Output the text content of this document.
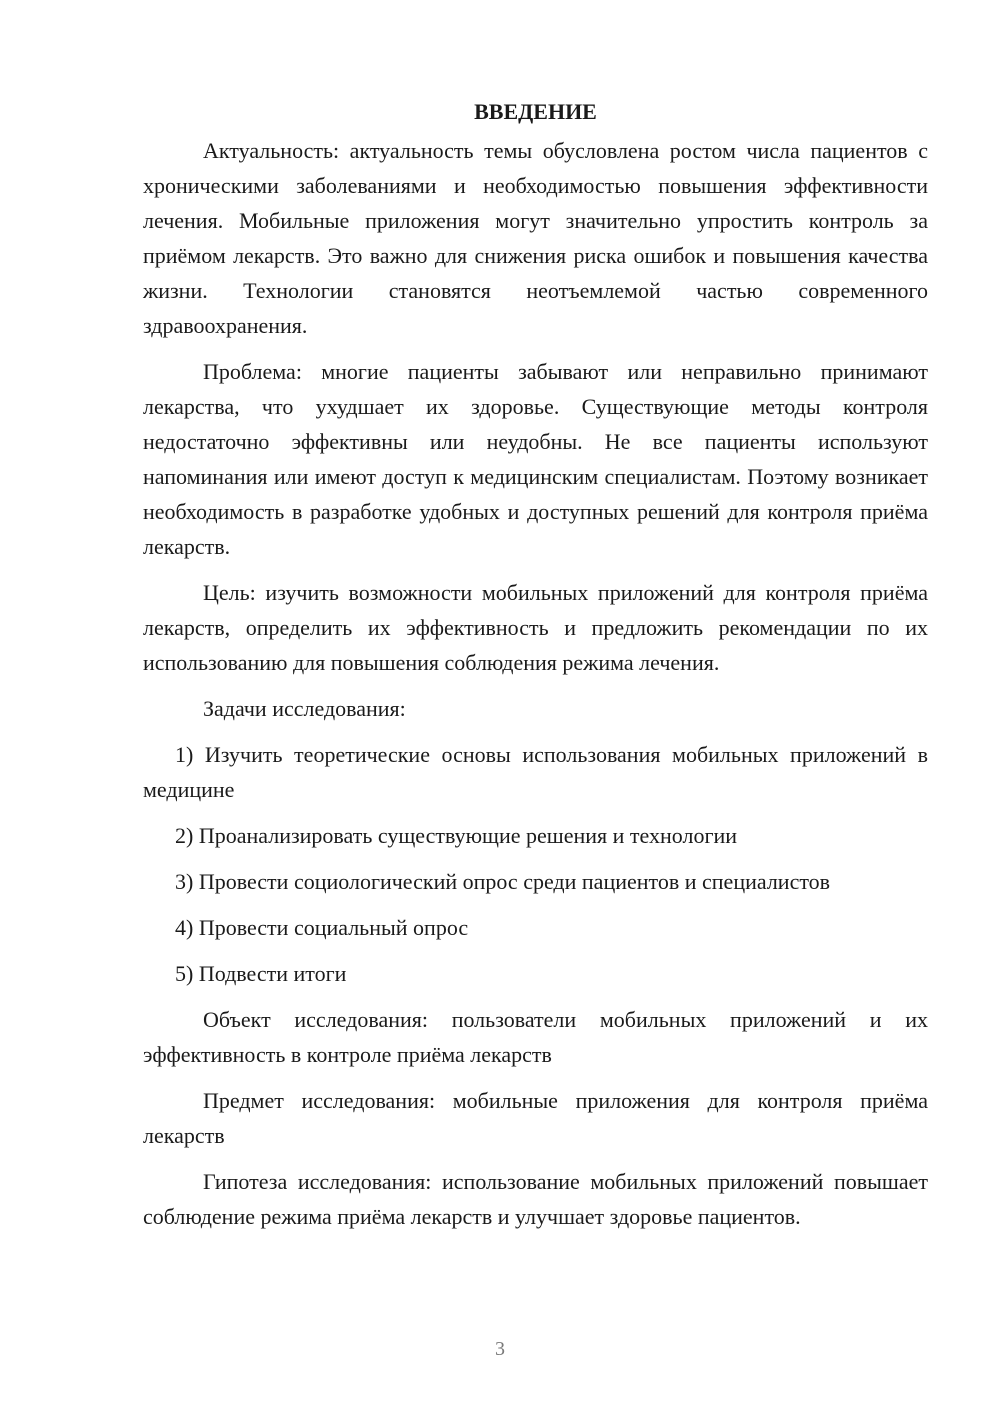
ВВЕДЕНИЕ

Актуальность: актуальность темы обусловлена ростом числа пациентов с хроническими заболеваниями и необходимостью повышения эффективности лечения. Мобильные приложения могут значительно упростить контроль за приёмом лекарств. Это важно для снижения риска ошибок и повышения качества жизни. Технологии становятся неотъемлемой частью современного здравоохранения.

Проблема: многие пациенты забывают или неправильно принимают лекарства, что ухудшает их здоровье. Существующие методы контроля недостаточно эффективны или неудобны. Не все пациенты используют напоминания или имеют доступ к медицинским специалистам. Поэтому возникает необходимость в разработке удобных и доступных решений для контроля приёма лекарств.

Цель: изучить возможности мобильных приложений для контроля приёма лекарств, определить их эффективность и предложить рекомендации по их использованию для повышения соблюдения режима лечения.

Задачи исследования:

1) Изучить теоретические основы использования мобильных приложений в медицине

2) Проанализировать существующие решения и технологии

3) Провести социологический опрос среди пациентов и специалистов

4) Провести социальный опрос

5) Подвести итоги

Объект исследования: пользователи мобильных приложений и их эффективность в контроле приёма лекарств

Предмет исследования: мобильные приложения для контроля приёма лекарств

Гипотеза исследования: использование мобильных приложений повышает соблюдение режима приёма лекарств и улучшает здоровье пациентов.

3
